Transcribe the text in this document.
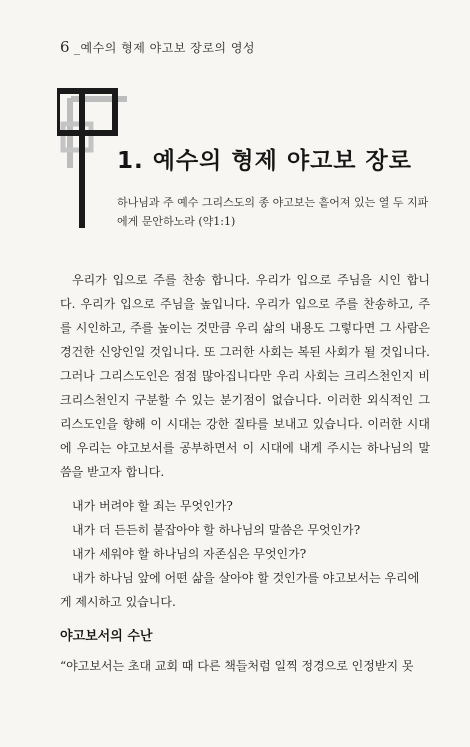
6 _예수의 형제 야고보 장로의 영성
1. 예수의 형제 야고보 장로
하나님과 주 예수 그리스도의 종 야고보는 흩어져 있는 열 두 지파
에게 문안하노라 (약1:1)
우리가 입으로 주를 찬송 합니다. 우리가 입으로 주님을 시인 합니
다. 우리가 입으로 주님을 높입니다. 우리가 입으로 주를 찬송하고, 주
를 시인하고, 주를 높이는 것만큼 우리 삶의 내용도 그렇다면 그 사람은
경건한 신앙인일 것입니다. 또 그러한 사회는 복된 사회가 될 것입니다.
그러나 그리스도인은 점점 많아집니다만 우리 사회는 크리스천인지 비
크리스천인지 구분할 수 있는 분기점이 없습니다. 이러한 외식적인 그
리스도인을 향해 이 시대는 강한 질타를 보내고 있습니다. 이러한 시대
에 우리는 야고보서를 공부하면서 이 시대에 내게 주시는 하나님의 말
씀을 받고자 합니다.
내가 버려야 할 죄는 무엇인가?
내가 더 든든히 붙잡아야 할 하나님의 말씀은 무엇인가?
내가 세워야 할 하나님의 자존심은 무엇인가?
내가 하나님 앞에 어떤 삶을 살아야 할 것인가를 야고보서는 우리에
게 제시하고 있습니다.
야고보서의 수난
“야고보서는 초대 교회 때 다른 책들처럼 일찍 정경으로 인정받지 못
